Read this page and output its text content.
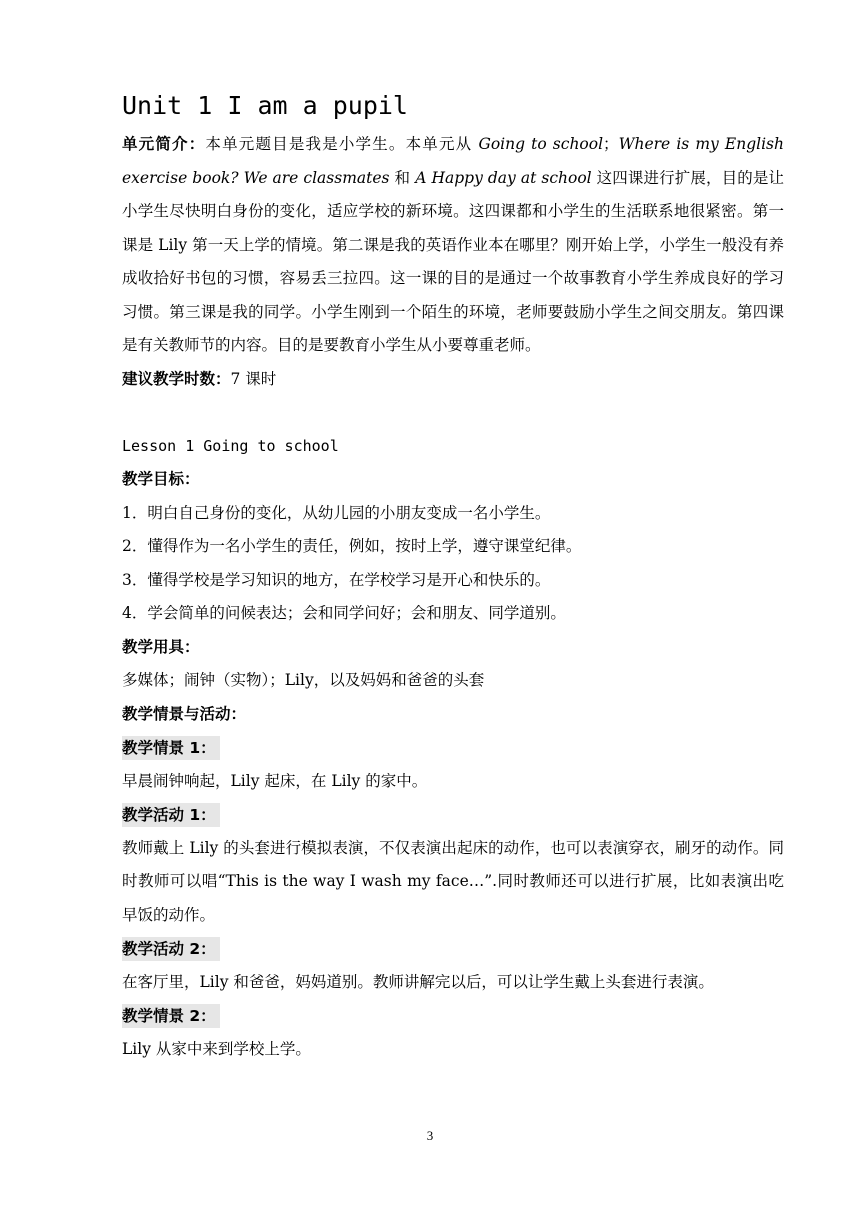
Unit 1 I am a pupil

单元简介：本单元题目是我是小学生。本单元从 Going to school；Where is my English exercise book? We are classmates 和 A Happy day at school 这四课进行扩展，目的是让小学生尽快明白身份的变化，适应学校的新环境。这四课都和小学生的生活联系地很紧密。第一课是 Lily 第一天上学的情境。第二课是我的英语作业本在哪里？刚开始上学，小学生一般没有养成收拾好书包的习惯，容易丢三拉四。这一课的目的是通过一个故事教育小学生养成良好的学习习惯。第三课是我的同学。小学生刚到一个陌生的环境，老师要鼓励小学生之间交朋友。第四课是有关教师节的内容。目的是要教育小学生从小要尊重老师。

建议教学时数：7 课时

Lesson 1 Going to school

教学目标：

1．明白自己身份的变化，从幼儿园的小朋友变成一名小学生。

2．懂得作为一名小学生的责任，例如，按时上学，遵守课堂纪律。

3．懂得学校是学习知识的地方，在学校学习是开心和快乐的。

4．学会简单的问候表达；会和同学问好；会和朋友、同学道别。

教学用具：

多媒体；闹钟（实物）；Lily，以及妈妈和爸爸的头套

教学情景与活动：

教学情景 1：

早晨闹钟响起，Lily 起床，在 Lily 的家中。

教学活动 1：

教师戴上 Lily 的头套进行模拟表演，不仅表演出起床的动作，也可以表演穿衣，刷牙的动作。同时教师可以唱“This is the way I wash my face…”.同时教师还可以进行扩展，比如表演出吃早饭的动作。

教学活动 2：

在客厅里，Lily 和爸爸，妈妈道别。教师讲解完以后，可以让学生戴上头套进行表演。

教学情景 2：

Lily 从家中来到学校上学。

3
